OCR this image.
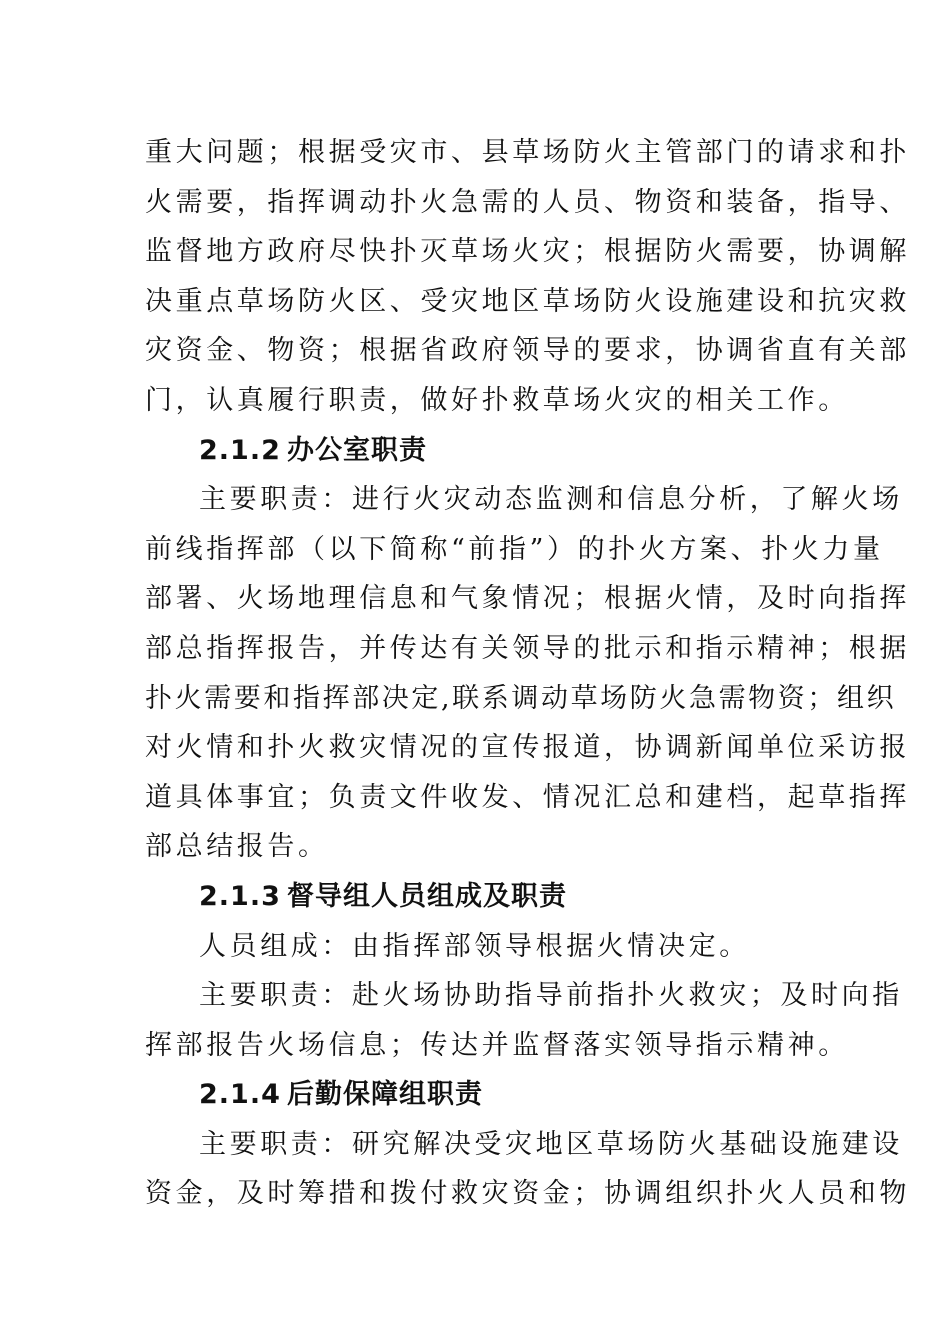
重大问题；根据受灾市、县草场防火主管部门的请求和扑
火需要，指挥调动扑火急需的人员、物资和装备，指导、
监督地方政府尽快扑灭草场火灾；根据防火需要，协调解
决重点草场防火区、受灾地区草场防火设施建设和抗灾救
灾资金、物资；根据省政府领导的要求，协调省直有关部
门，认真履行职责，做好扑救草场火灾的相关工作。
2.1.2 办公室职责
主要职责：进行火灾动态监测和信息分析，了解火场
前线指挥部（以下简称“前指”）的扑火方案、扑火力量
部署、火场地理信息和气象情况；根据火情，及时向指挥
部总指挥报告，并传达有关领导的批示和指示精神；根据
扑火需要和指挥部决定,联系调动草场防火急需物资；组织
对火情和扑火救灾情况的宣传报道，协调新闻单位采访报
道具体事宜；负责文件收发、情况汇总和建档，起草指挥
部总结报告。
2.1.3 督导组人员组成及职责
人员组成：由指挥部领导根据火情决定。
主要职责：赴火场协助指导前指扑火救灾；及时向指
挥部报告火场信息；传达并监督落实领导指示精神。
2.1.4 后勤保障组职责
主要职责：研究解决受灾地区草场防火基础设施建设
资金，及时筹措和拨付救灾资金；协调组织扑火人员和物
